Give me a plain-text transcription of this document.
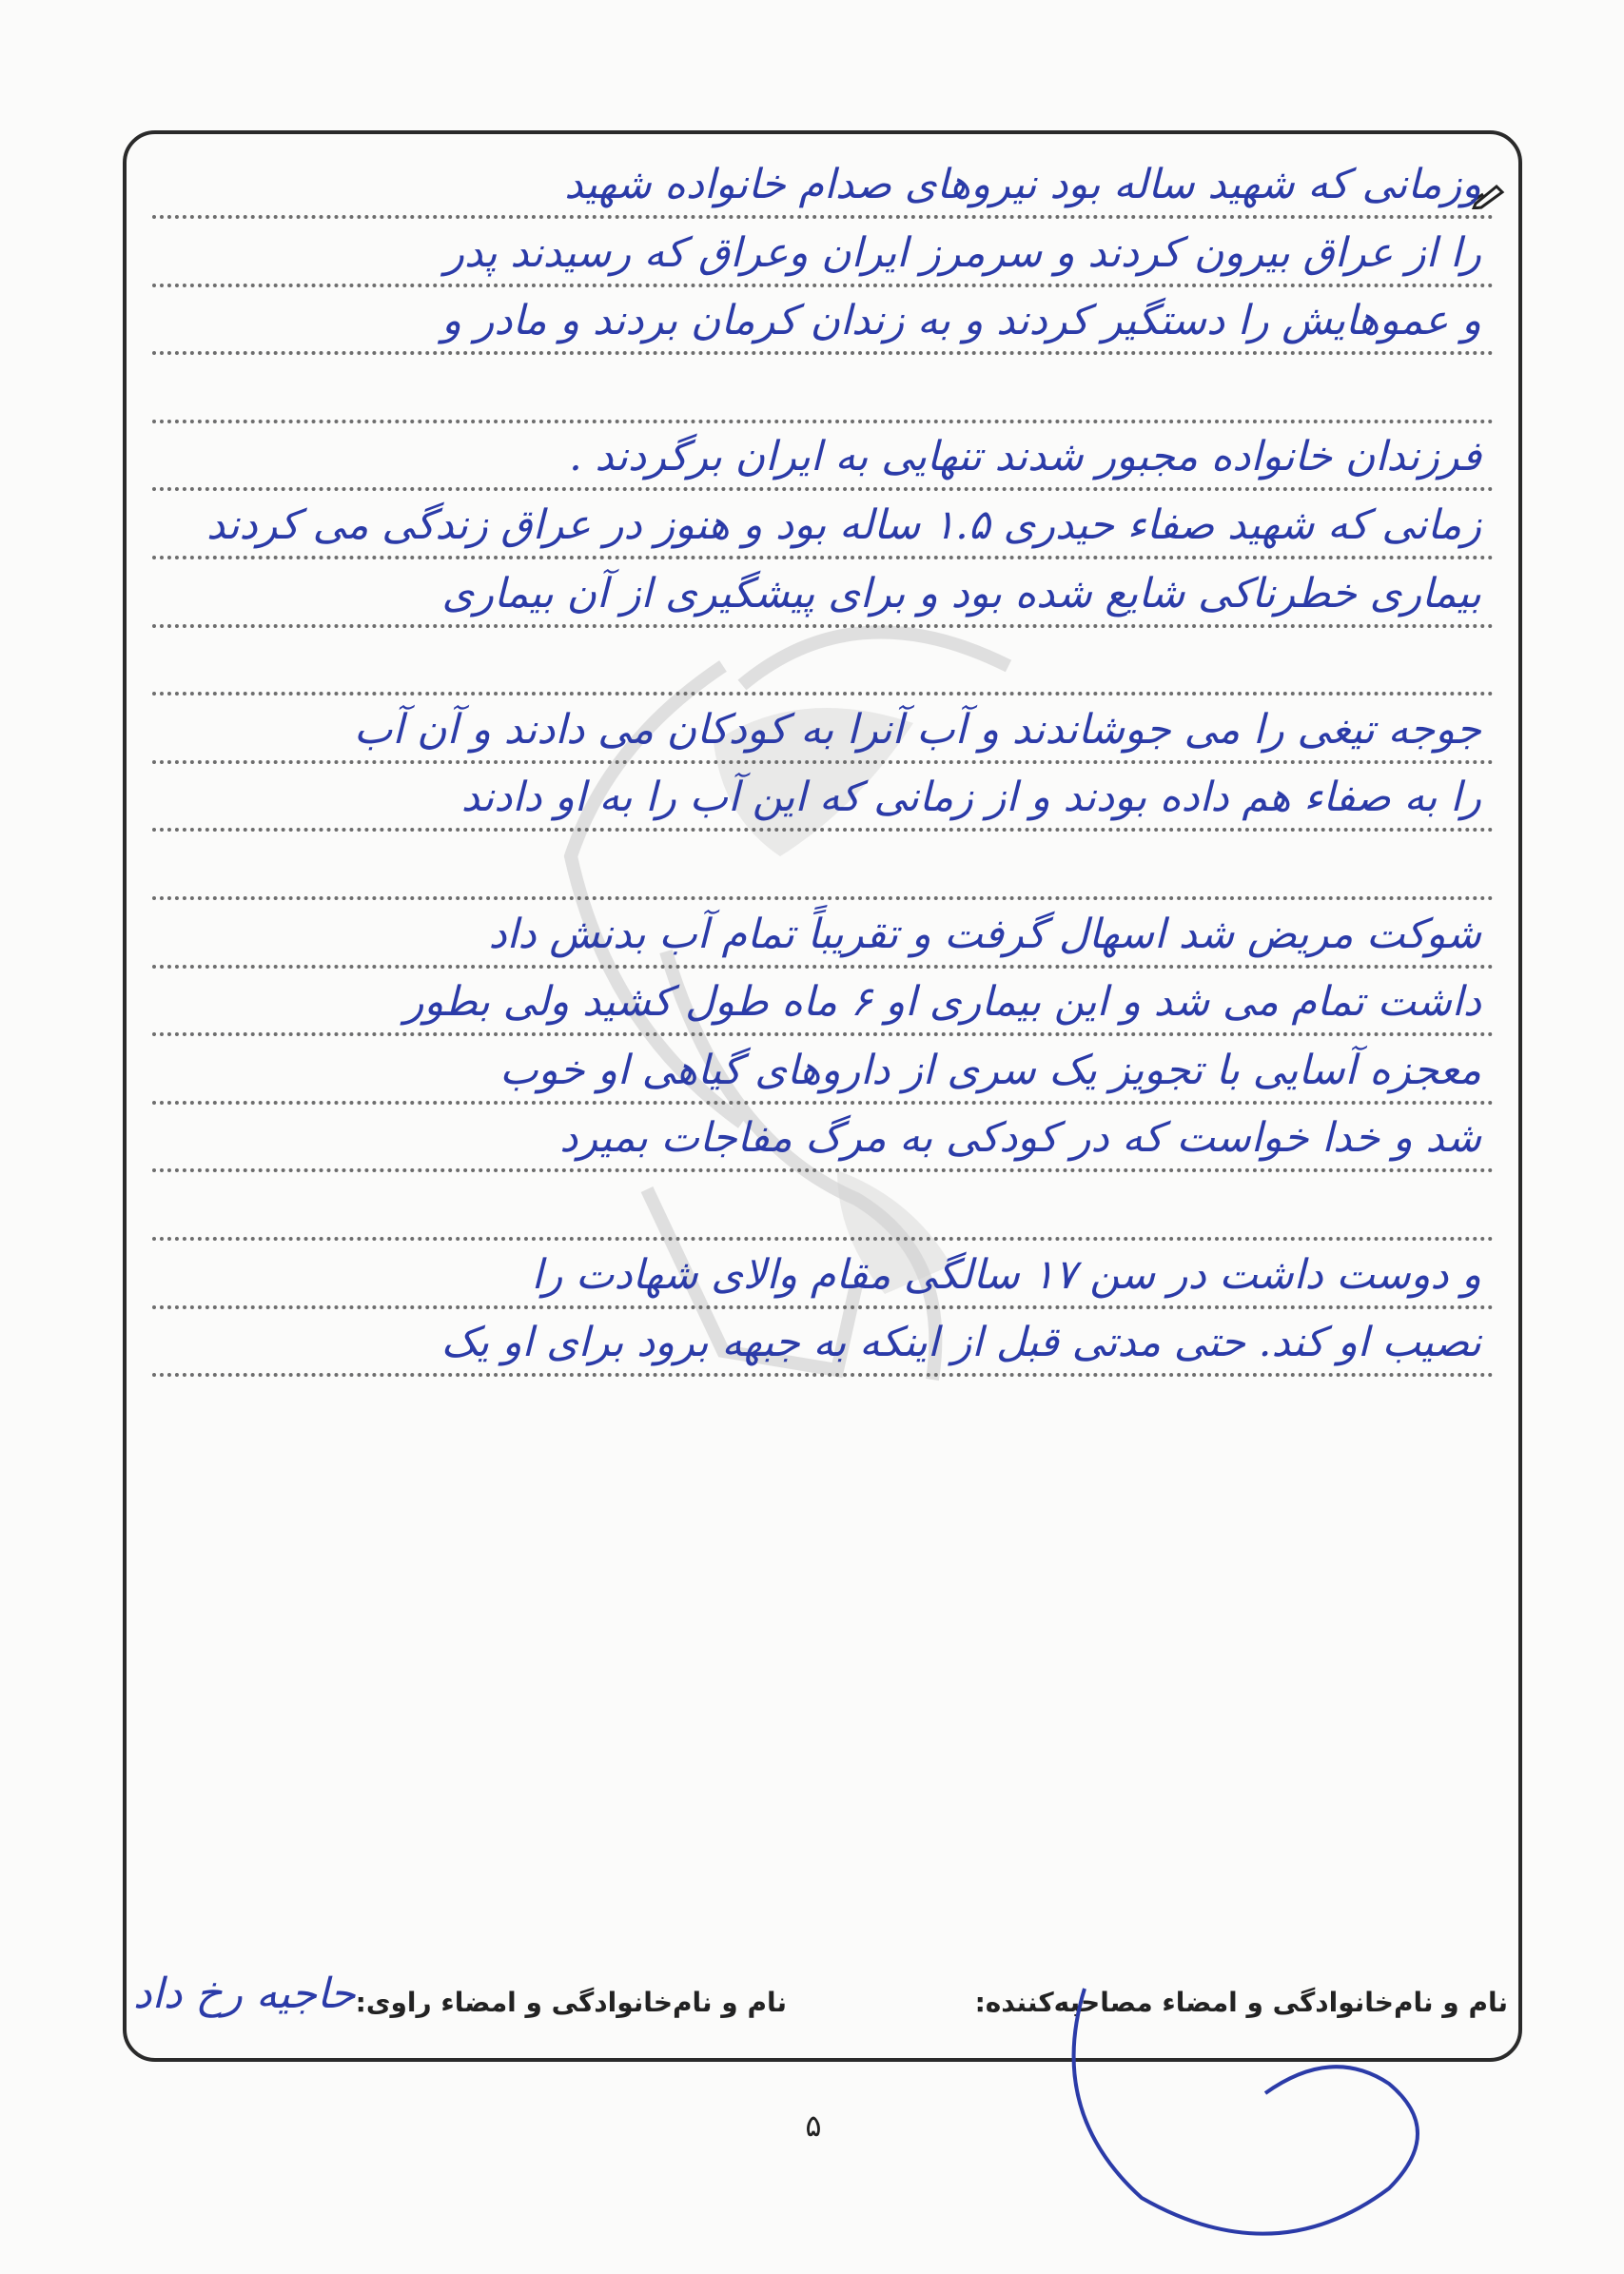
وزمانی که شهید ساله بود نیروهای صدام خانواده شهید
را از عراق بیرون کردند و سرمرز ایران وعراق که رسیدند پدر
و عموهایش را دستگیر کردند و به زندان کرمان بردند و مادر و
فرزندان خانواده مجبور شدند تنهایی به ایران برگردند .
زمانی که شهید صفاء حیدری ۱.۵ ساله بود و هنوز در عراق زندگی می کردند
بیماری خطرناکی شایع شده بود و برای پیشگیری از آن بیماری
جوجه تیغی را می جوشاندند و آب آنرا به کودکان می دادند و آن آب
را به صفاء هم داده بودند و از زمانی که این آب را به او دادند
شوکت مریض شد اسهال گرفت و تقریباً تمام آب بدنش داد
داشت تمام می شد و این بیماری او ۶ ماه طول کشید ولی بطور
معجزه آسایی با تجویز یک سری از داروهای گیاهی او خوب
شد و خدا خواست که در کودکی به مرگ مفاجات بمیرد
و دوست داشت در سن ۱۷ سالگی مقام والای شهادت را
نصیب او کند. حتی مدتی قبل از اینکه به جبهه برود برای او یک
حاجیه رخ داد	نام و نام‌خانوادگی و امضاء مصاحبه‌کننده:
نام و نام‌خانوادگی و امضاء راوی:
۵
